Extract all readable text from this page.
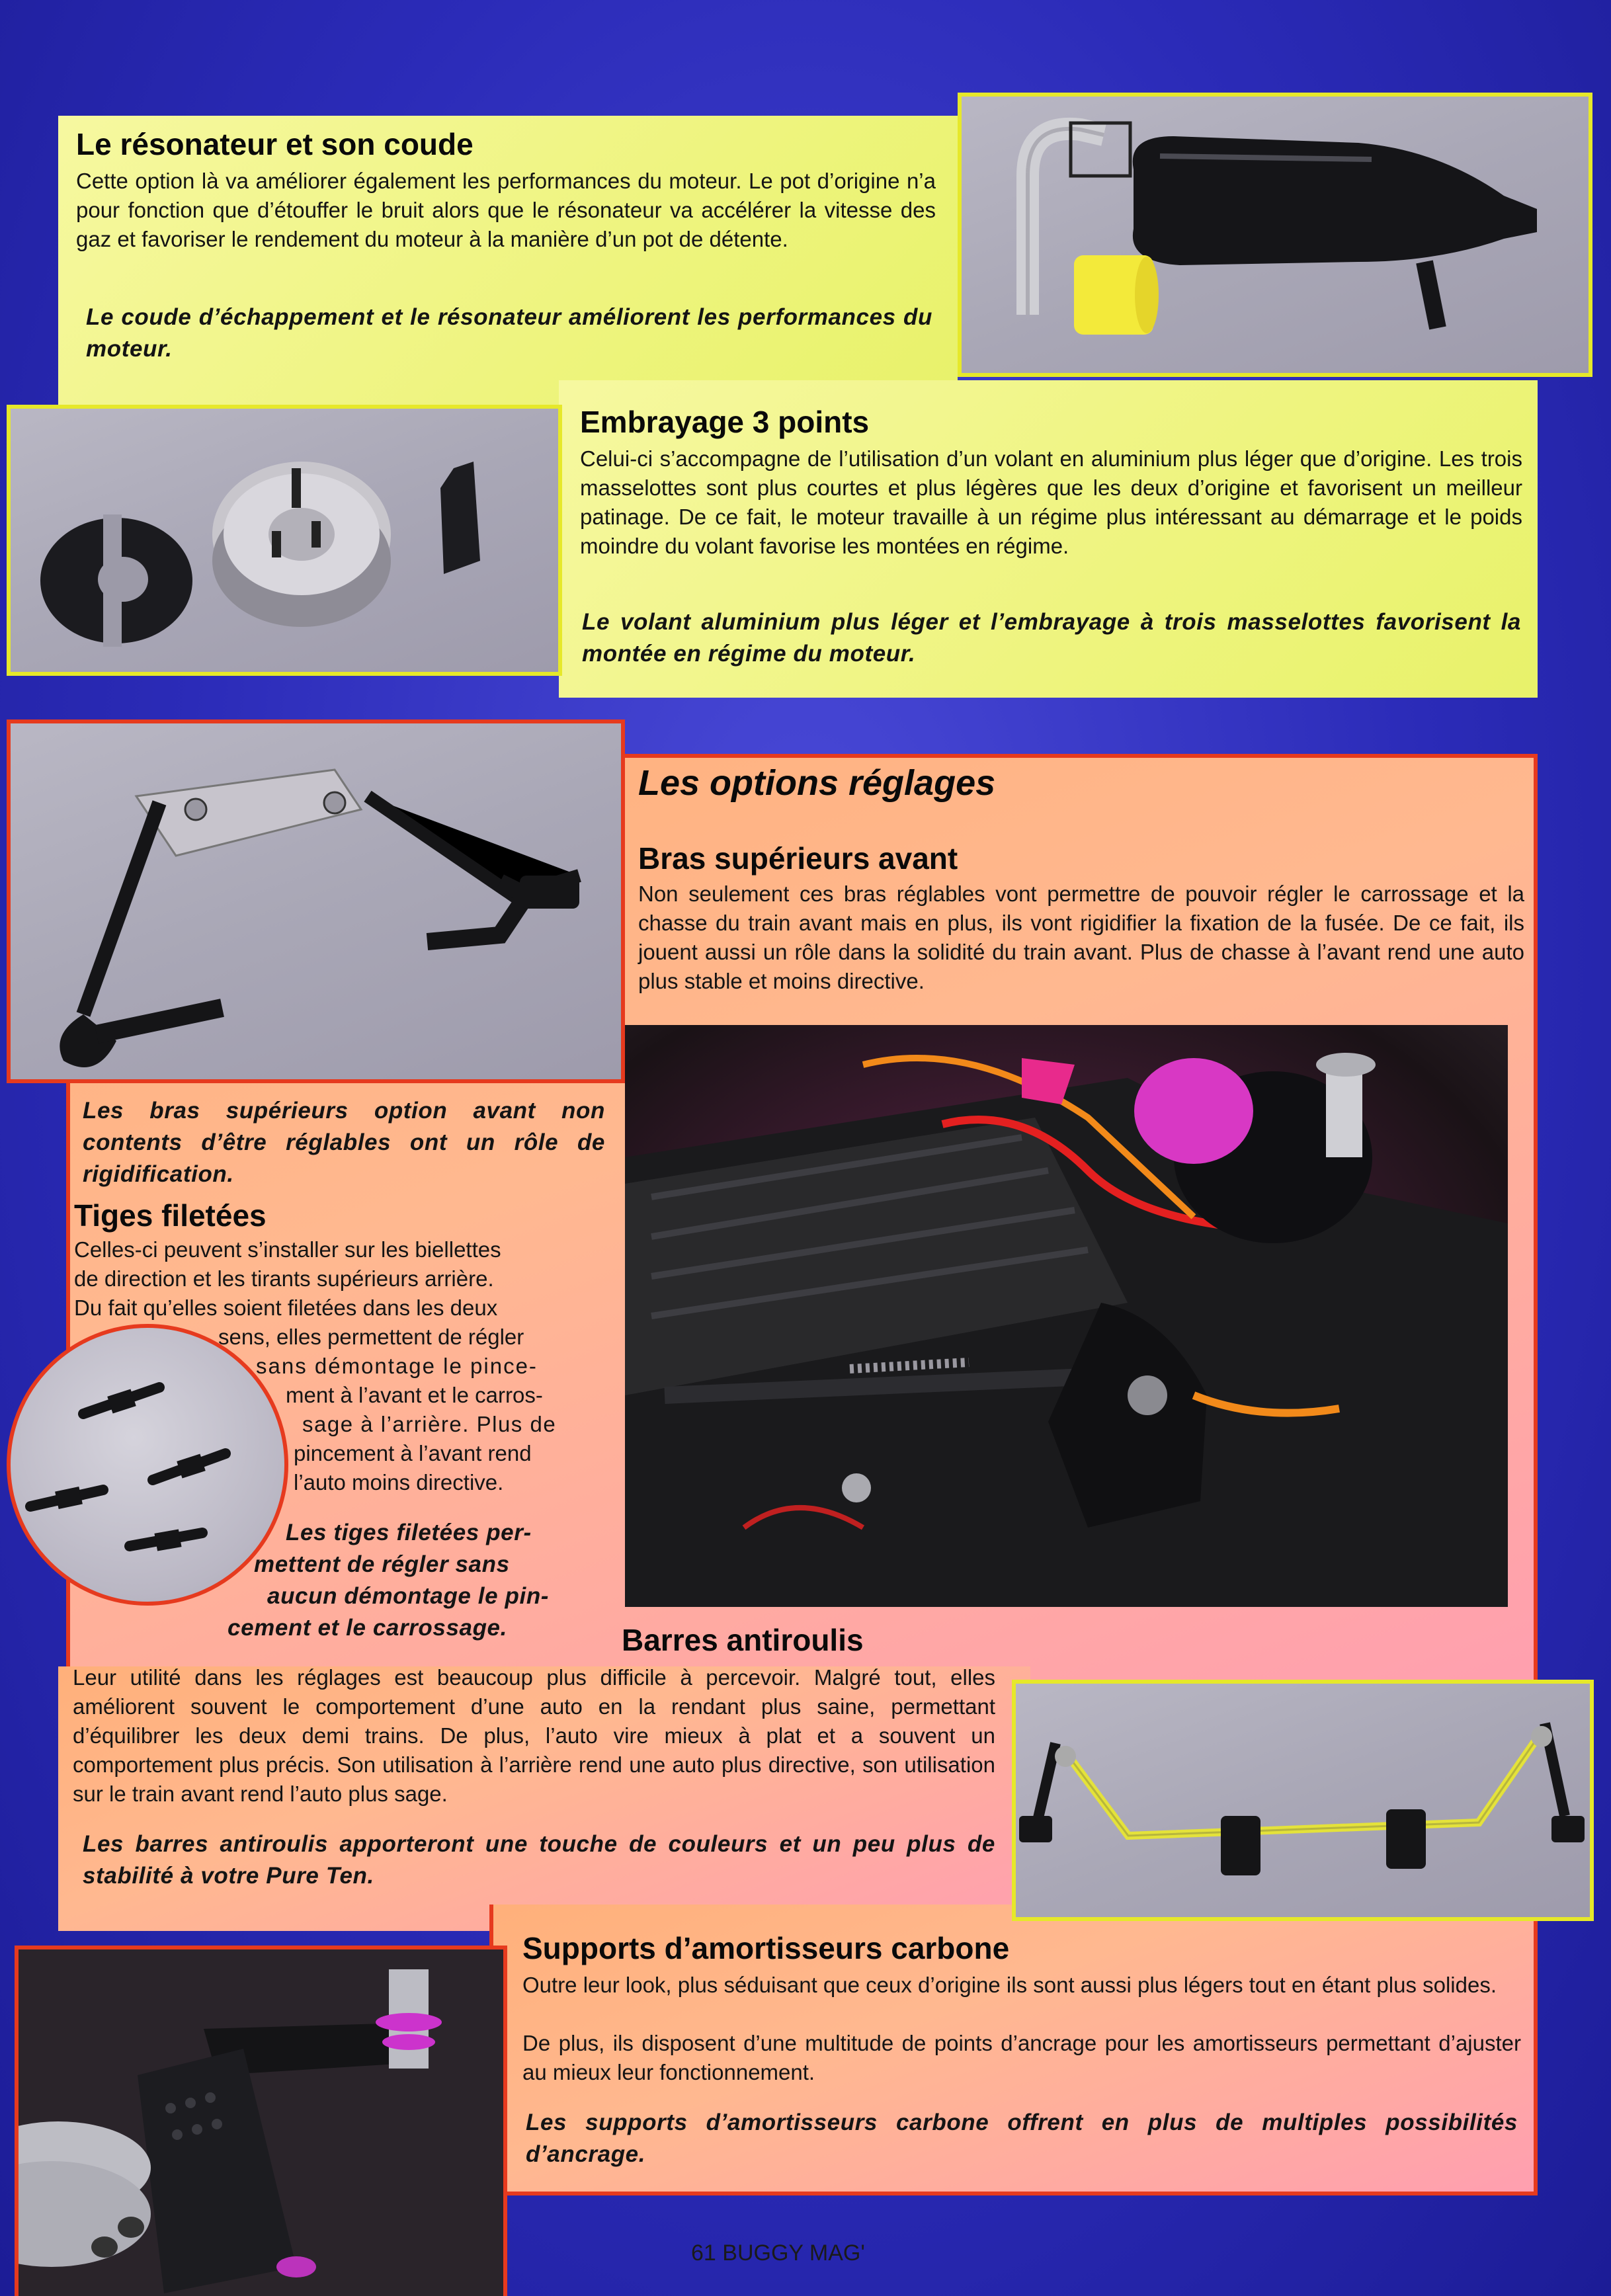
Le résonateur et son coude

Cette option là va améliorer également les performances du moteur. Le pot d’origine n’a pour fonction que d’étouffer le bruit alors que le résonateur va accélérer la vitesse des gaz et favoriser le rendement du moteur à la manière d’un pot de détente.

Le coude d’échappement et le résonateur améliorent les performances du moteur.

Embrayage 3 points

Celui-ci s’accompagne de l’utilisation d’un volant en aluminium plus léger que d’origine. Les trois masselottes sont plus courtes et plus légères que les deux d’origine et favorisent un meilleur patinage. De ce fait, le moteur travaille à un régime plus intéressant au démarrage et le poids moindre du volant favorise les montées en régime.

Le volant aluminium plus léger et l’embrayage à trois masselottes favorisent la montée en régime du moteur.

Les options réglages
Bras supérieurs avant

Non seulement ces bras réglables vont permettre de pouvoir régler le carrossage et la chasse du train avant mais en plus, ils vont rigidifier la fixation de la fusée. De ce fait, ils jouent aussi un rôle dans la solidité du train avant. Plus de chasse à l’avant rend une auto plus stable et moins directive.

Les bras supérieurs option avant non contents d’être réglables ont un rôle de rigidification.

Tiges filetées
Celles-ci peuvent s’installer sur les biellettes
de direction et les tirants supérieurs arrière.
Du fait qu’elles soient filetées dans les deux
sens, elles permettent de régler
sans démontage le pince-
ment à l’avant et le carros-
sage à l’arrière. Plus de
pincement à l’avant rend
l’auto moins directive.
Les tiges filetées per-
mettent de régler sans
aucun démontage le pin-
cement et le carrossage.	Barres antiroulis

Leur utilité dans les réglages est beaucoup plus difficile à percevoir. Malgré tout, elles améliorent souvent le comportement d’une auto en la rendant plus saine, permettant d’équilibrer les deux demi trains. De plus, l’auto vire mieux à plat et a souvent un comportement plus précis. Son utilisation à l’arrière rend une auto plus directive, son utilisation sur le train avant rend l’auto plus sage.

Les barres antiroulis apporteront une touche de couleurs et un peu plus de stabilité à votre Pure Ten.

Supports d’amortisseurs carbone

Outre leur look, plus séduisant que ceux d’origine ils sont aussi plus légers tout en étant plus solides.

De plus, ils disposent d’une multitude de points d’ancrage pour les amortisseurs permettant d’ajuster au mieux leur fonctionnement.

Les supports d’amortisseurs carbone offrent en plus de multiples possibilités d’ancrage.

61 BUGGY MAG'
